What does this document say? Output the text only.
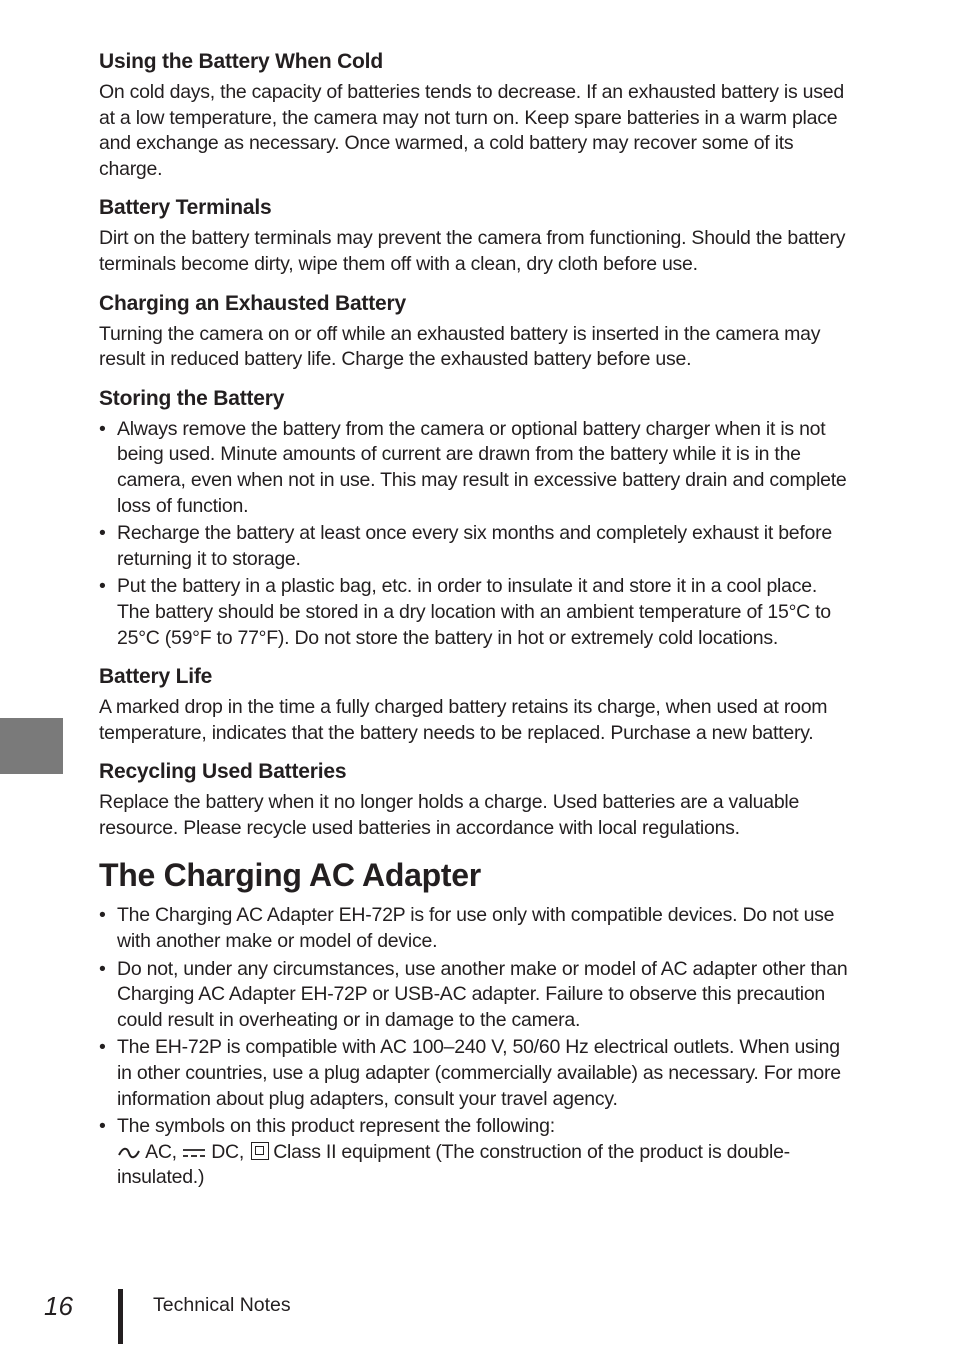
Using the Battery When Cold

On cold days, the capacity of batteries tends to decrease. If an exhausted battery is used at a low temperature, the camera may not turn on. Keep spare batteries in a warm place and exchange as necessary. Once warmed, a cold battery may recover some of its charge.

Battery Terminals

Dirt on the battery terminals may prevent the camera from functioning. Should the battery terminals become dirty, wipe them off with a clean, dry cloth before use.

Charging an Exhausted Battery

Turning the camera on or off while an exhausted battery is inserted in the camera may result in reduced battery life. Charge the exhausted battery before use.

Storing the Battery
• Always remove the battery from the camera or optional battery charger when it is not being used. Minute amounts of current are drawn from the battery while it is in the camera, even when not in use. This may result in excessive battery drain and complete loss of function.
• Recharge the battery at least once every six months and completely exhaust it before returning it to storage.
• Put the battery in a plastic bag, etc. in order to insulate it and store it in a cool place. The battery should be stored in a dry location with an ambient temperature of 15°C to 25°C (59°F to 77°F). Do not store the battery in hot or extremely cold locations.
Battery Life

A marked drop in the time a fully charged battery retains its charge, when used at room temperature, indicates that the battery needs to be replaced. Purchase a new battery.

Recycling Used Batteries

Replace the battery when it no longer holds a charge. Used batteries are a valuable resource. Please recycle used batteries in accordance with local regulations.

The Charging AC Adapter
• The Charging AC Adapter EH-72P is for use only with compatible devices. Do not use with another make or model of device.
• Do not, under any circumstances, use another make or model of AC adapter other than Charging AC Adapter EH-72P or USB-AC adapter. Failure to observe this precaution could result in overheating or in damage to the camera.
• The EH-72P is compatible with AC 100–240 V, 50/60 Hz electrical outlets. When using in other countries, use a plug adapter (commercially available) as necessary. For more information about plug adapters, consult your travel agency.
• The symbols on this product represent the following:
AC, DC, Class II equipment (The construction of the product is double-insulated.)
16	Technical Notes
